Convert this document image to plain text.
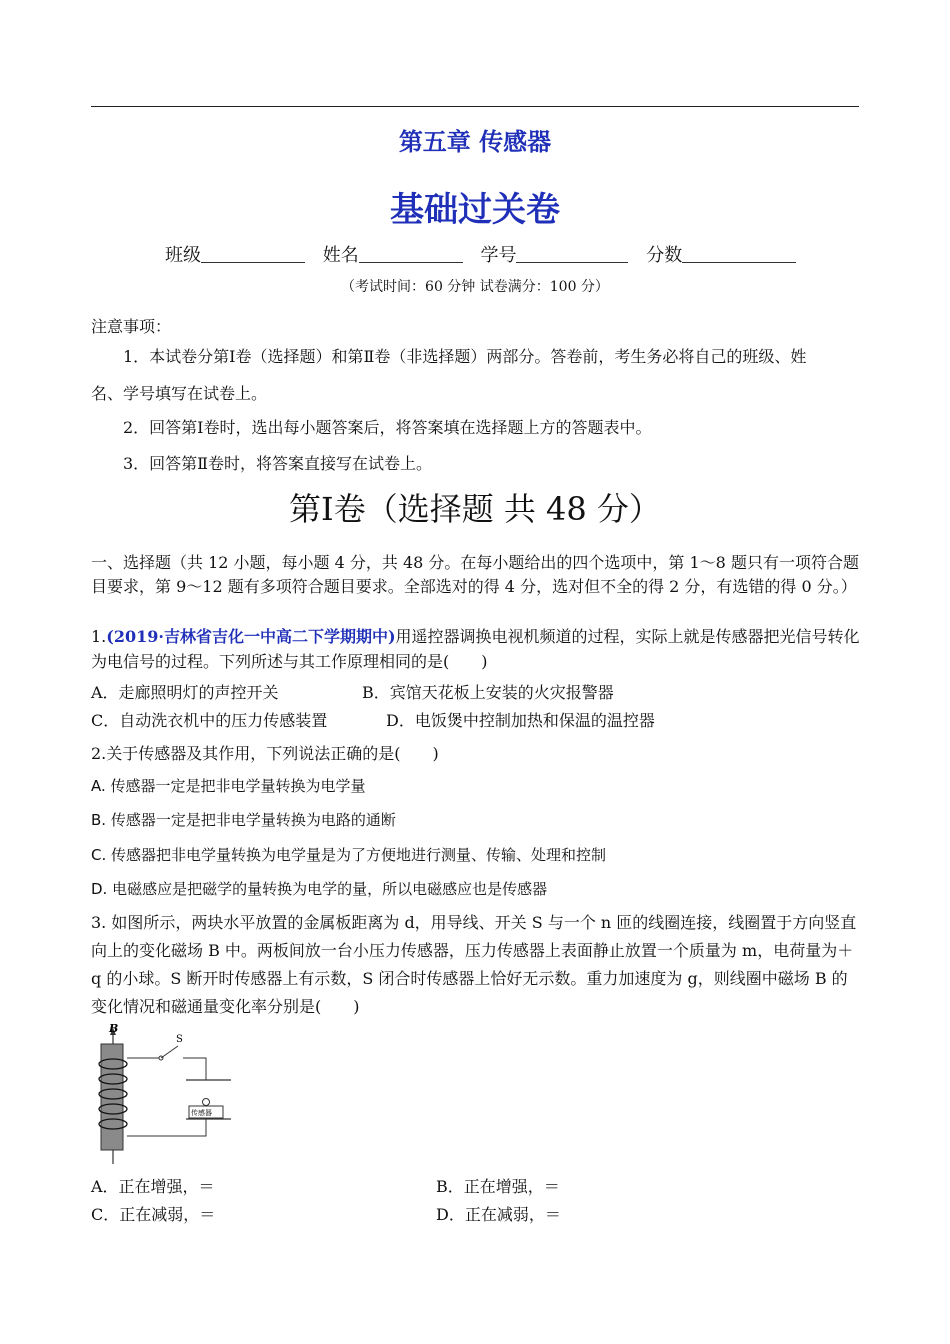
第五章 传感器
基础过关卷
班级	姓名	学号	分数
（考试时间：60 分钟 试卷满分：100 分）
注意事项：
1．本试卷分第Ⅰ卷（选择题）和第Ⅱ卷（非选择题）两部分。答卷前，考生务必将自己的班级、姓
名、学号填写在试卷上。
2．回答第Ⅰ卷时，选出每小题答案后，将答案填在选择题上方的答题表中。
3．回答第Ⅱ卷时，将答案直接写在试卷上。
第Ⅰ卷（选择题 共 48 分）
一、选择题（共 12 小题，每小题 4 分，共 48 分。在每小题给出的四个选项中，第 1～8 题只有一项符合题目要求，第 9～12 题有多项符合题目要求。全部选对的得 4 分，选对但不全的得 2 分，有选错的得 0 分。）
1.(2019·吉林省吉化一中高二下学期期中)用遥控器调换电视机频道的过程，实际上就是传感器把光信号转化为电信号的过程。下列所述与其工作原理相同的是(　　)
A．走廊照明灯的声控开关	B．宾馆天花板上安装的火灾报警器
C．自动洗衣机中的压力传感装置	D．电饭煲中控制加热和保温的温控器
2.关于传感器及其作用，下列说法正确的是(　　)
A. 传感器一定是把非电学量转换为电学量
B. 传感器一定是把非电学量转换为电路的通断
C. 传感器把非电学量转换为电学量是为了方便地进行测量、传输、处理和控制
D. 电磁感应是把磁学的量转换为电学的量，所以电磁感应也是传感器
3. 如图所示，两块水平放置的金属板距离为 d，用导线、开关 S 与一个 n 匝的线圈连接，线圈置于方向竖直向上的变化磁场 B 中。两板间放一台小压力传感器，压力传感器上表面静止放置一个质量为 m，电荷量为＋q 的小球。S 断开时传感器上有示数，S 闭合时传感器上恰好无示数。重力加速度为 g，则线圈中磁场 B 的变化情况和磁通量变化率分别是(　　)
B
S
传感器
A．正在增强，＝	B．正在增强，＝
C．正在减弱，＝	D．正在减弱，＝
